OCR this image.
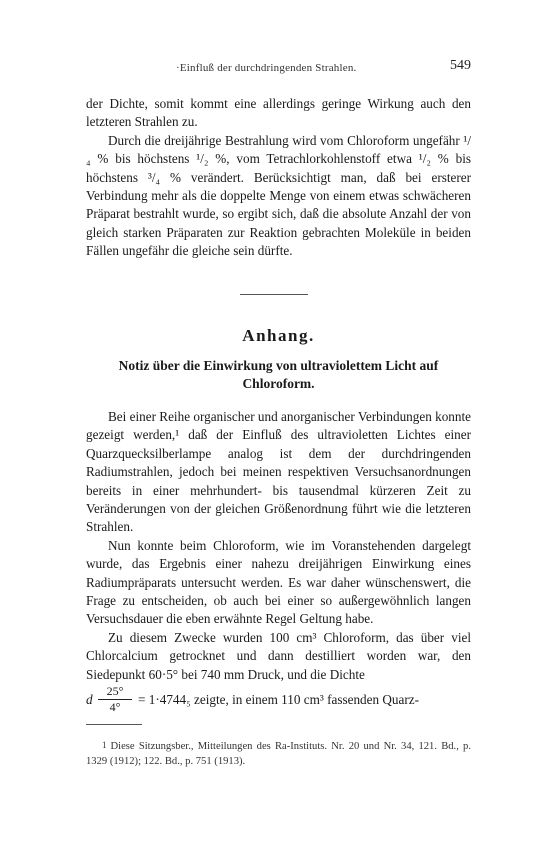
·Einfluß der durchdringenden Strahlen.	549

der Dichte, somit kommt eine allerdings geringe Wirkung auch den letzteren Strahlen zu.

Durch die dreijährige Bestrahlung wird vom Chloroform ungefähr ¹/₄ % bis höchstens ¹/₂ %, vom Tetrachlorkohlenstoff etwa ¹/₂ % bis höchstens ³/₄ % verändert. Berücksichtigt man, daß bei ersterer Verbindung mehr als die doppelte Menge von einem etwas schwächeren Präparat bestrahlt wurde, so ergibt sich, daß die absolute Anzahl der von gleich starken Präparaten zur Reaktion gebrachten Moleküle in beiden Fällen ungefähr die gleiche sein dürfte.

Anhang.
Notiz über die Einwirkung von ultraviolettem Licht auf Chloroform.

Bei einer Reihe organischer und anorganischer Verbindungen konnte gezeigt werden,¹ daß der Einfluß des ultravioletten Lichtes einer Quarzquecksilberlampe analog ist dem der durchdringenden Radiumstrahlen, jedoch bei meinen respektiven Versuchsanordnungen bereits in einer mehrhundert- bis tausendmal kürzeren Zeit zu Veränderungen von der gleichen Größenordnung führt wie die letzteren Strahlen.

Nun konnte beim Chloroform, wie im Voranstehenden dargelegt wurde, das Ergebnis einer nahezu dreijährigen Einwirkung eines Radiumpräparats untersucht werden. Es war daher wünschenswert, die Frage zu entscheiden, ob auch bei einer so außergewöhnlich langen Versuchsdauer die eben erwähnte Regel Geltung habe.

Zu diesem Zwecke wurden 100 cm³ Chloroform, das über viel Chlorcalcium getrocknet und dann destilliert worden war, den Siedepunkt 60·5° bei 740 mm Druck, und die Dichte

d $\frac{25^\circ}{4^\circ} = 1\cdot 4744_5$ zeigte, in einem 110 cm³ fassenden Quarz-
1 Diese Sitzungsber., Mitteilungen des Ra-Instituts. Nr. 20 und Nr. 34, 121. Bd., p. 1329 (1912); 122. Bd., p. 751 (1913).
